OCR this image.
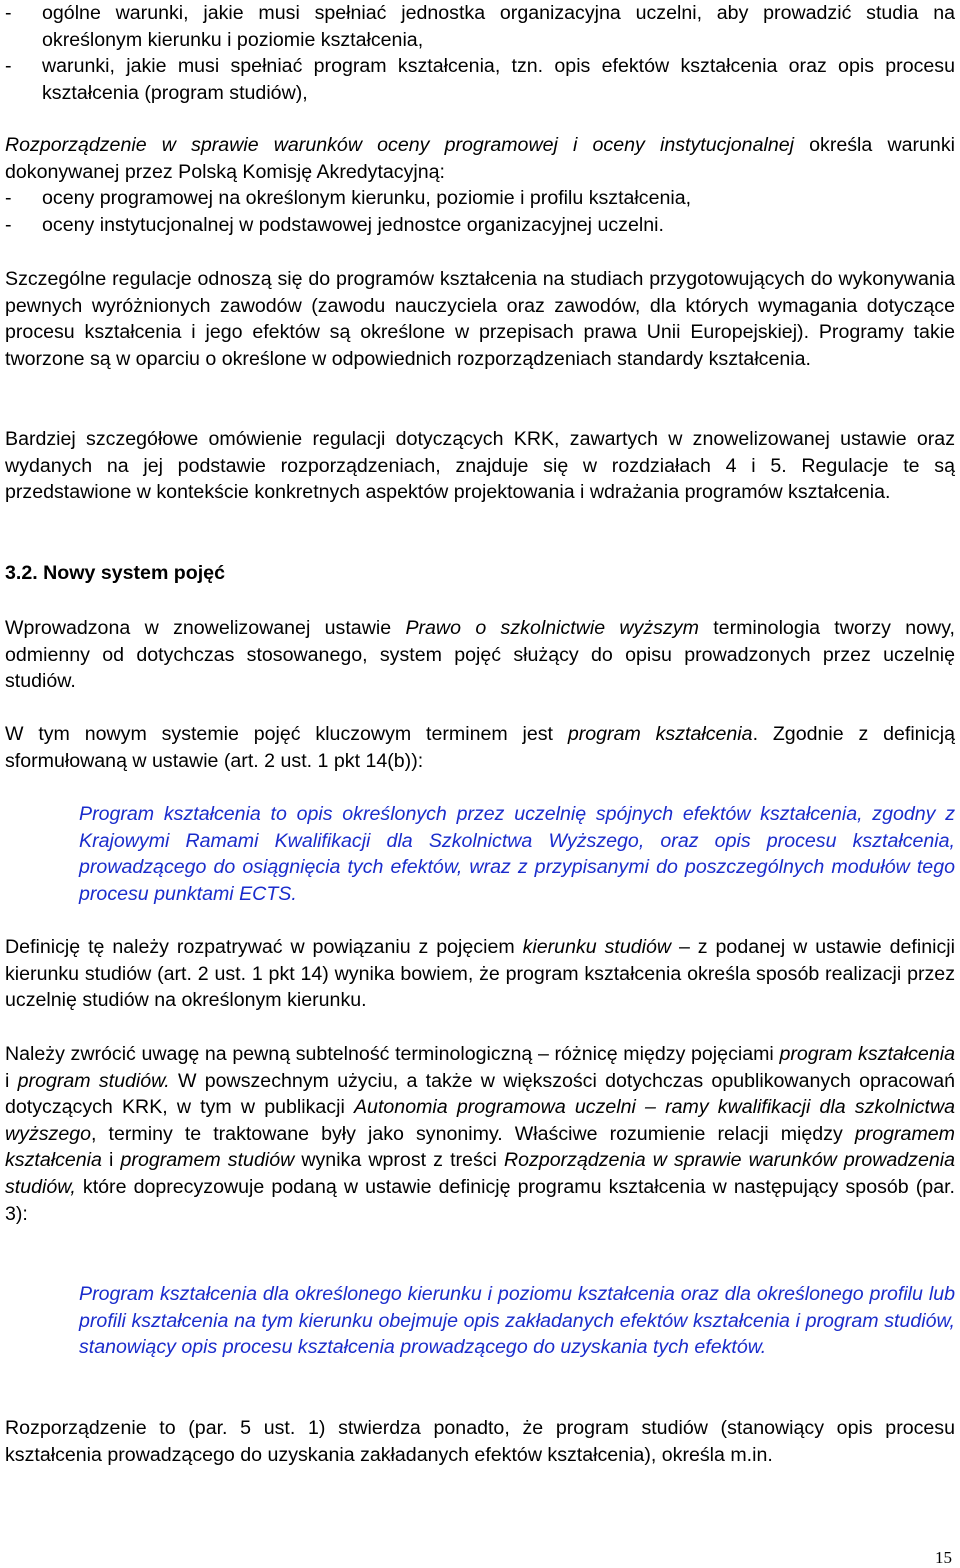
-	ogólne warunki, jakie musi spełniać jednostka organizacyjna uczelni, aby prowadzić studia na określonym kierunku i poziomie kształcenia,
-	warunki, jakie musi spełniać program kształcenia, tzn. opis efektów kształcenia oraz opis procesu kształcenia (program studiów),

Rozporządzenie w sprawie warunków oceny programowej i oceny instytucjonalnej określa warunki dokonywanej przez Polską Komisję Akredytacyjną:

-	oceny programowej na określonym kierunku, poziomie i profilu kształcenia,
-	oceny instytucjonalnej w podstawowej jednostce organizacyjnej uczelni.

Szczególne regulacje odnoszą się do programów kształcenia na studiach przygotowujących do wykonywania pewnych wyróżnionych zawodów (zawodu nauczyciela oraz zawodów, dla których wymagania dotyczące procesu kształcenia i jego efektów są określone w przepisach prawa Unii Europejskiej). Programy takie tworzone są w oparciu o określone w odpowiednich rozporządzeniach standardy kształcenia.

Bardziej szczegółowe omówienie regulacji dotyczących KRK, zawartych w znowelizowanej ustawie oraz wydanych na jej podstawie rozporządzeniach, znajduje się w rozdziałach 4 i 5. Regulacje te są przedstawione w kontekście konkretnych aspektów projektowania i wdrażania programów kształcenia.

3.2. Nowy system pojęć

Wprowadzona w znowelizowanej ustawie Prawo o szkolnictwie wyższym terminologia tworzy nowy, odmienny od dotychczas stosowanego, system pojęć służący do opisu prowadzonych przez uczelnię studiów.

W tym nowym systemie pojęć kluczowym terminem jest program kształcenia. Zgodnie z definicją sformułowaną w ustawie (art. 2 ust. 1 pkt 14(b)):

Program kształcenia to opis określonych przez uczelnię spójnych efektów kształcenia, zgodny z Krajowymi Ramami Kwalifikacji dla Szkolnictwa Wyższego, oraz opis procesu kształcenia, prowadzącego do osiągnięcia tych efektów, wraz z przypisanymi do poszczególnych modułów tego procesu punktami ECTS.

Definicję tę należy rozpatrywać w powiązaniu z pojęciem kierunku studiów – z podanej w ustawie definicji kierunku studiów (art. 2 ust. 1 pkt 14) wynika bowiem, że program kształcenia określa sposób realizacji przez uczelnię studiów na określonym kierunku.

Należy zwrócić uwagę na pewną subtelność terminologiczną – różnicę między pojęciami program kształcenia i program studiów. W powszechnym użyciu, a także w większości dotychczas opublikowanych opracowań dotyczących KRK, w tym w publikacji Autonomia programowa uczelni – ramy kwalifikacji dla szkolnictwa wyższego, terminy te traktowane były jako synonimy. Właściwe rozumienie relacji między programem kształcenia i programem studiów wynika wprost z treści Rozporządzenia w sprawie warunków prowadzenia studiów, które doprecyzowuje podaną w ustawie definicję programu kształcenia w następujący sposób (par. 3):

Program kształcenia dla określonego kierunku i poziomu kształcenia oraz dla określonego profilu lub profili kształcenia na tym kierunku obejmuje opis zakładanych efektów kształcenia i program studiów, stanowiący opis procesu kształcenia prowadzącego do uzyskania tych efektów.

Rozporządzenie to (par. 5 ust. 1) stwierdza ponadto, że program studiów (stanowiący opis procesu kształcenia prowadzącego do uzyskania zakładanych efektów kształcenia), określa m.in.

15
